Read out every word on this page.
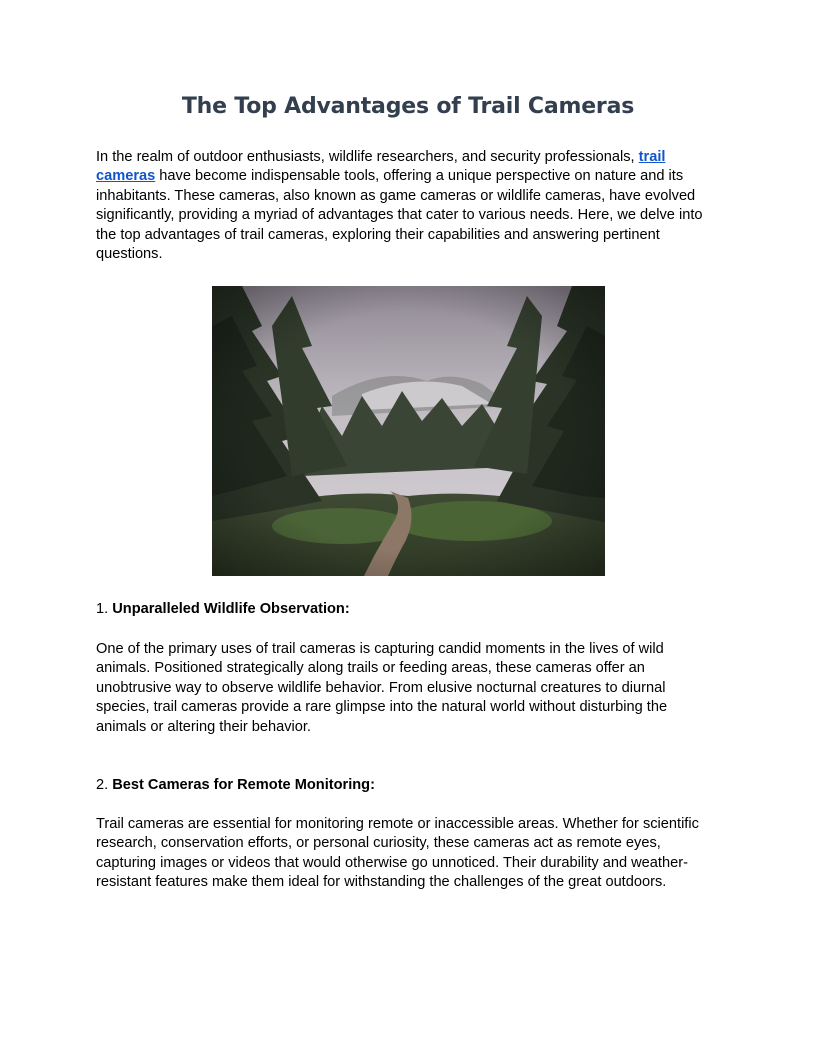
The Top Advantages of Trail Cameras

In the realm of outdoor enthusiasts, wildlife researchers, and security professionals, trail cameras have become indispensable tools, offering a unique perspective on nature and its inhabitants. These cameras, also known as game cameras or wildlife cameras, have evolved significantly, providing a myriad of advantages that cater to various needs. Here, we delve into the top advantages of trail cameras, exploring their capabilities and answering pertinent questions.

1. Unparalleled Wildlife Observation:

One of the primary uses of trail cameras is capturing candid moments in the lives of wild animals. Positioned strategically along trails or feeding areas, these cameras offer an unobtrusive way to observe wildlife behavior. From elusive nocturnal creatures to diurnal species, trail cameras provide a rare glimpse into the natural world without disturbing the animals or altering their behavior.

2. Best Cameras for Remote Monitoring:

Trail cameras are essential for monitoring remote or inaccessible areas. Whether for scientific research, conservation efforts, or personal curiosity, these cameras act as remote eyes, capturing images or videos that would otherwise go unnoticed. Their durability and weather-resistant features make them ideal for withstanding the challenges of the great outdoors.
